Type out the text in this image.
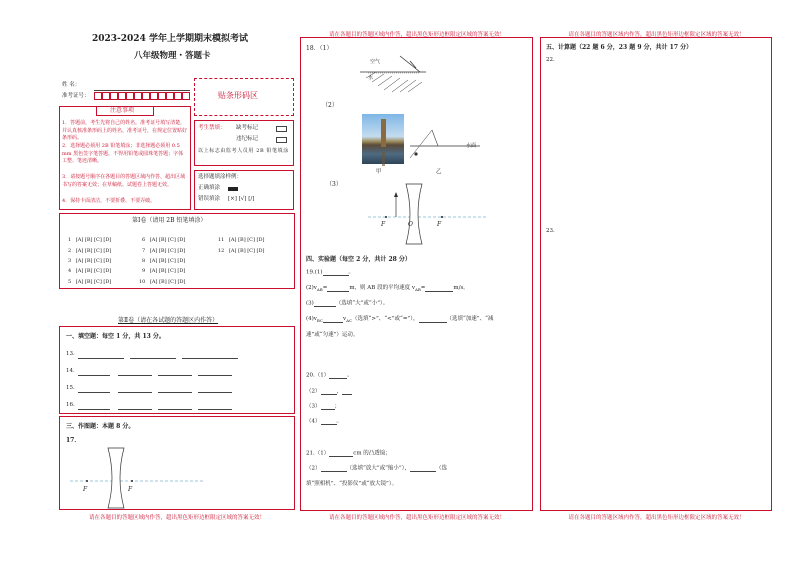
2023-2024 学年上学期期末模拟考试
八年级物理・答题卡
姓 名：
准考证号：	贴条形码区
注意事项
1．答题前，考生先将自己的姓名，准考证号填写清楚，并认真核准条形码上的姓名、准考证号，在规定位置贴好条形码。
2．选择题必须用 2B 铅笔填涂；非选择题必须用 0.5 mm 黑色签字笔答题，不得用铅笔或圆珠笔答题；字体工整、笔迹清晰。
3．请按题号顺序在各题目的答题区域内作答，超出区域书写的答案无效；在草稿纸、试题卷上答题无效。
4．保持卡面清洁，不要折叠、不要弄破。
考生禁填： 缺考标记
违纪标记
以上标志由监考人员用 2B 铅笔填涂
选择题填涂样例：
正确填涂
错误填涂 [×] [√] [/]
第Ⅰ卷（请用 2B 铅笔填涂）
1 [A] [B] [C] [D]
2 [A] [B] [C] [D]
3 [A] [B] [C] [D]
4 [A] [B] [C] [D]
5 [A] [B] [C] [D]
6 [A] [B] [C] [D]
7 [A] [B] [C] [D]
8 [A] [B] [C] [D]
9 [A] [B] [C] [D]
10 [A] [B] [C] [D]
11 [A] [B] [C] [D]
12 [A] [B] [C] [D]
第Ⅱ卷（请在各试题的答题区内作答）
一、填空题：每空 1 分，共 13 分。
13．
14．
15．
16．
三、作图题：本题 8 分。
17．
F	F
请在各题目的答题区域内作答，超出黑色矩形边框限定区域的答案无效！
请在各题目的答题区域内作答，超出黑色矩形边框限定区域的答案无效！
请在各题目的答题区域内作答，超出黑色矩形边框限定区域的答案无效！
18．（1）
空气
水
（2）
水面
甲	乙
（3）
F	O	F
四、实验题（每空 2 分，共计 28 分）
19.(1)	。
$(2)v_{AB}=$	m，则 AB 段的平均速度 $v_{AB}=$	m/s。
(3)	（选填“大”或“小”）。
$(4)v_{BC}$	$v_{AC}$（选填“>”、“<”或“=”），	（选填“加速”、“减
速”或“匀速”）运动。
20.（1）	。
（2）	，
（3）	；
（4）	。
21.（1）	cm 的凸透镜；
（2）	（选填“放大”或“缩小”），	（选
填“照相机”、“投影仪”或“放大镜”）。
请在各题目的答题区域内作答，超出黑色矩形边框限定区域的答案无效！
请在各题目的答题区域内作答，超出黑色矩形边框限定区域的答案无效！
五、计算题（22 题 6 分，23 题 9 分，共计 17 分）
22.
23.
